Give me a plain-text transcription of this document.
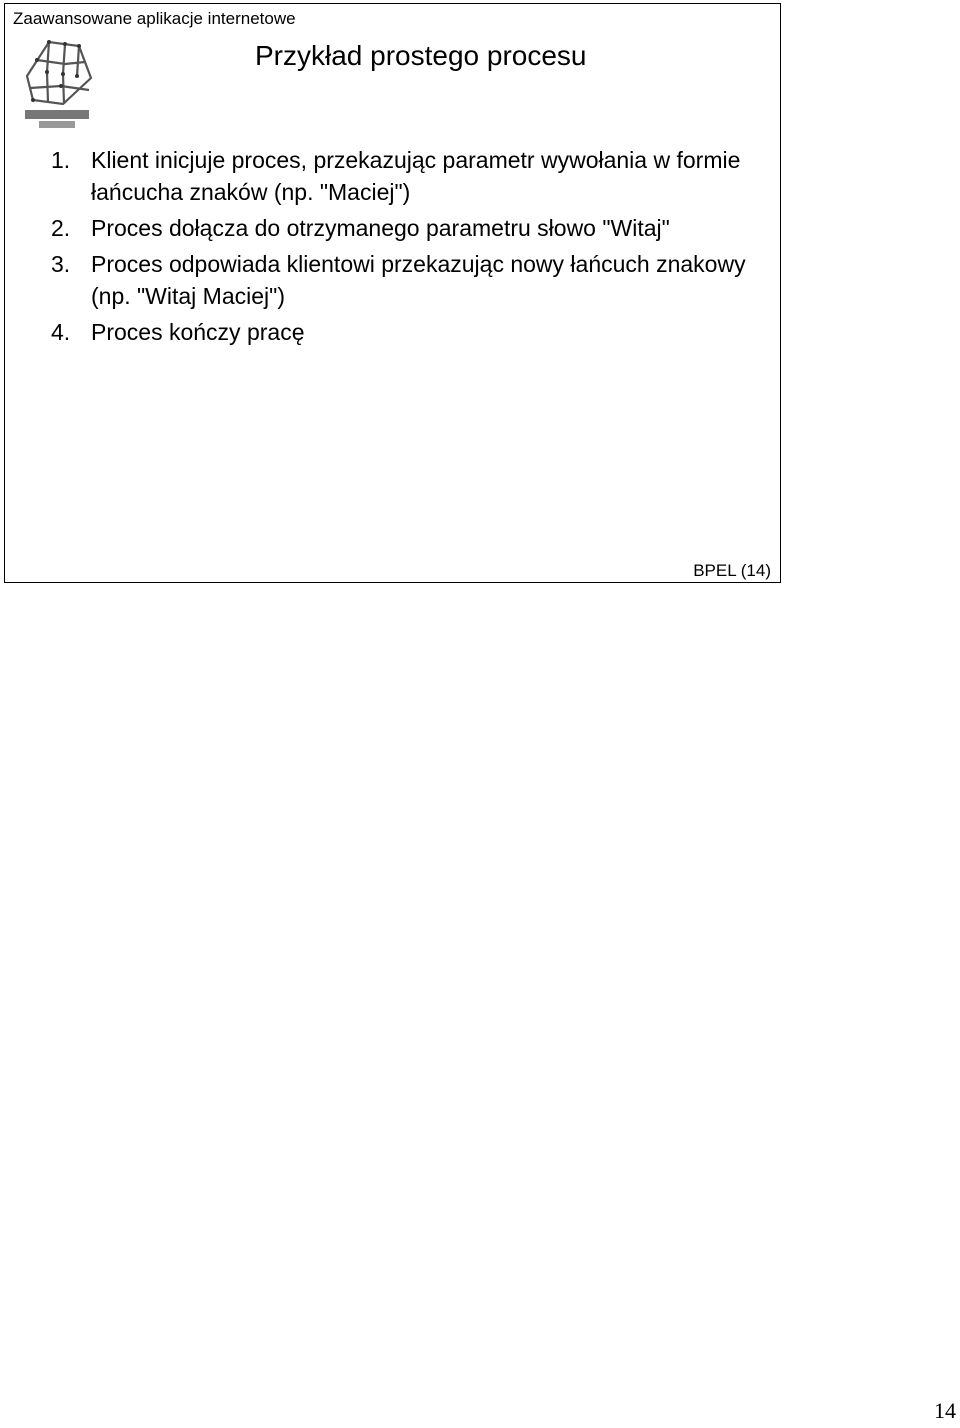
Zaawansowane aplikacje internetowe
Przykład prostego procesu
1. Klient inicjuje proces, przekazując parametr wywołania w formie łańcucha znaków (np. "Maciej")
2. Proces dołącza do otrzymanego parametru słowo "Witaj"
3. Proces odpowiada klientowi przekazując nowy łańcuch znakowy (np. "Witaj Maciej")
4. Proces kończy pracę
BPEL (14)
14
